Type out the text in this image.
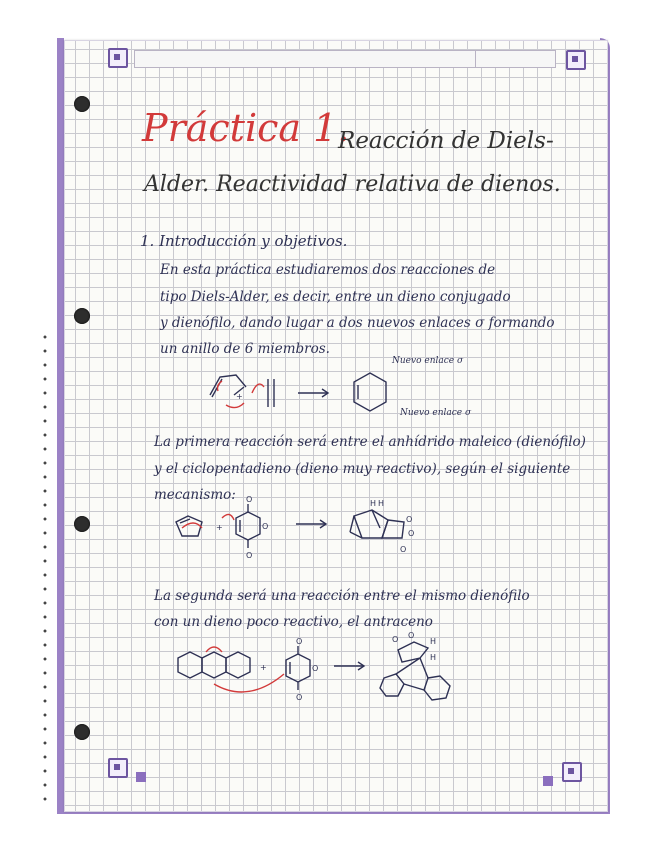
Práctica 1.
Reacción de Diels-
Alder. Reactividad relativa de dienos.
1. Introducción y objetivos.
En esta práctica estudiaremos dos reacciones de
tipo Diels-Alder, es decir, entre un dieno conjugado
y dienófilo, dando lugar a dos nuevos enlaces σ formando
un anillo de 6 miembros.
+
Nuevo enlace σ
Nuevo enlace σ
La primera reacción será entre el anhídrido maleico (dienófilo)
y el ciclopentadieno (dieno muy reactivo), según el siguiente
mecanismo:
+
O
O
O
H H
O
O
O
La segunda será una reacción entre el mismo dienófilo
con un dieno poco reactivo, el antraceno
+
O
O
O
O O
H
H
